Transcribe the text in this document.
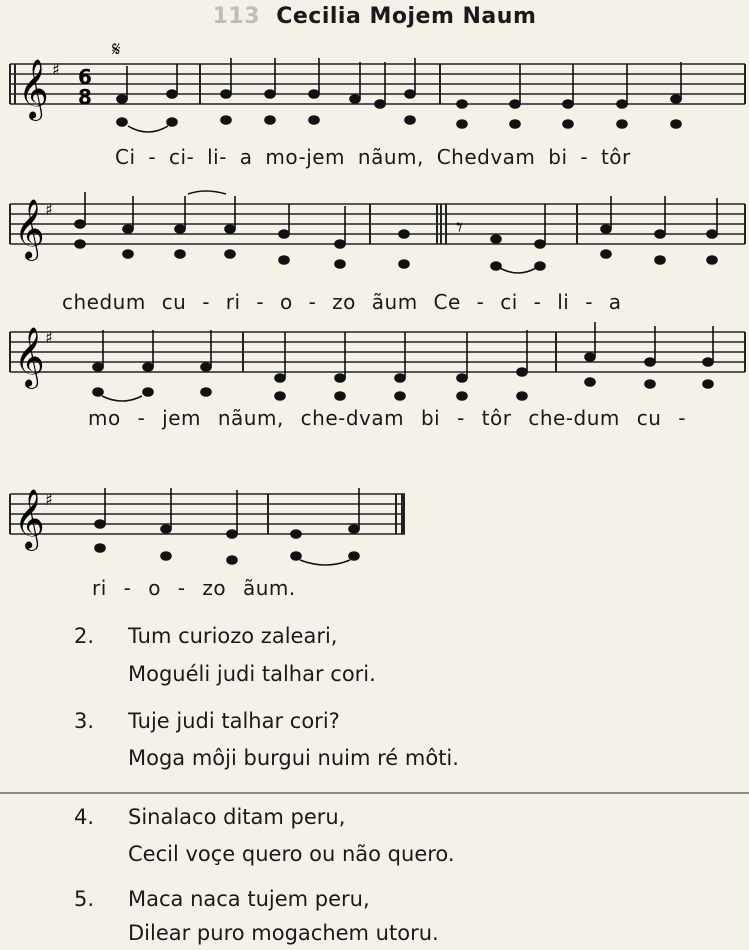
113 Cecilia Mojem Naum
𝄞 ♯ 6
8
𝄋
Ci - ci- li- a mo-jem nãum, Chedvam bi - tôr
𝄞 ♯
𝄾
chedum cu - ri - o - zo ãum Ce - ci - li - a
𝄞 ♯
mo - jem nãum, che-dvam bi - tôr che-dum cu -
𝄞 ♯
ri - o - zo ãum.
2. Tum curiozo zaleari,
Moguéli judi talhar cori.
3. Tuje judi talhar cori?
Moga môji burgui nuim ré môti.
4. Sinalaco ditam peru,
Cecil voçe quero ou não quero.
5. Maca naca tujem peru,
Dilear puro mogachem utoru.
